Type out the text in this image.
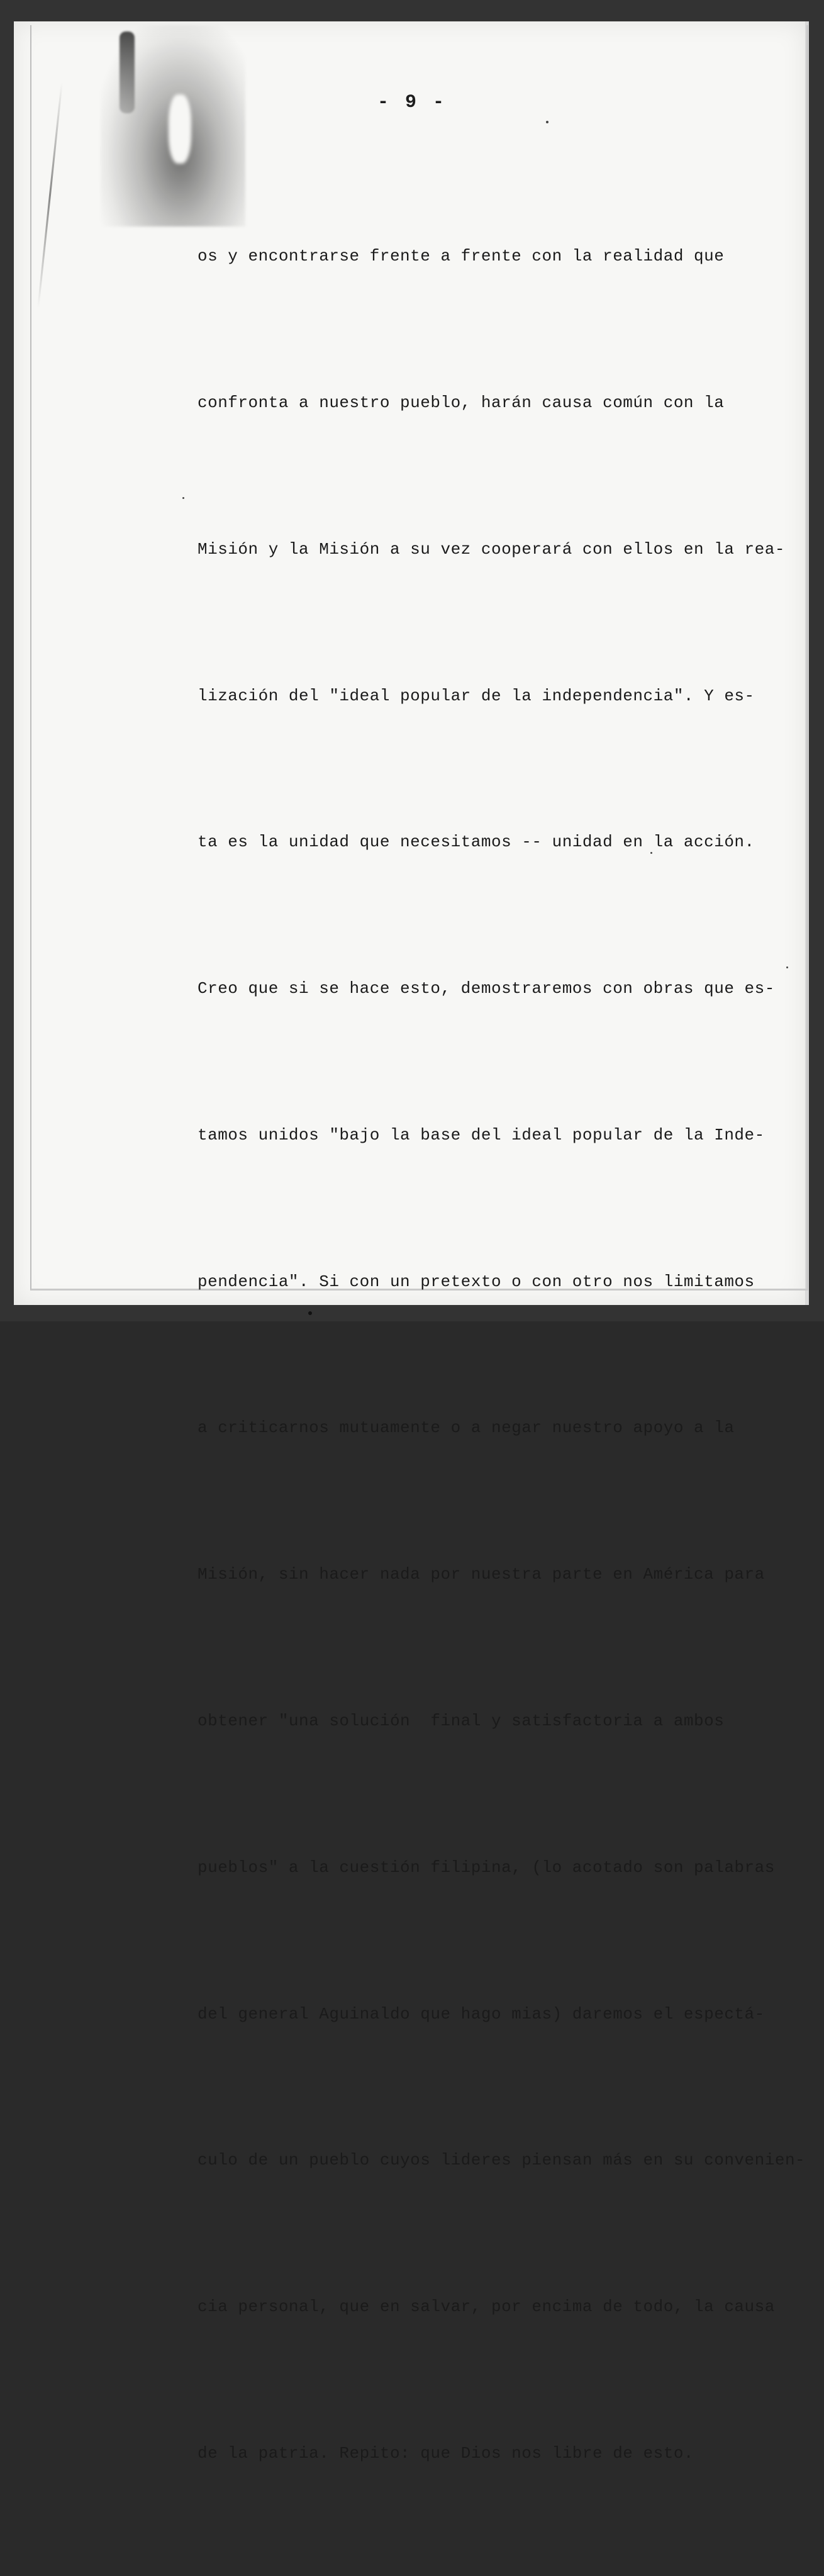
- 9 -

os y encontrarse frente a frente con la realidad que

confronta a nuestro pueblo, harán causa común con la

Misión y la Misión a su vez cooperará con ellos en la rea-

lización del "ideal popular de la independencia". Y es-

ta es la unidad que necesitamos -- unidad en la acción.

Creo que si se hace esto, demostraremos con obras que es-

tamos unidos "bajo la base del ideal popular de la Inde-

pendencia". Si con un pretexto o con otro nos limitamos

a criticarnos mutuamente o a negar nuestro apoyo a la

Misión, sin hacer nada por nuestra parte en América para

obtener "una solución  final y satisfactoria a ambos

pueblos" a la cuestión filipina, (lo acotado son palabras

del general Aguinaldo que hago mias) daremos el espectá-

culo de un pueblo cuyos lideres piensan más en su convenien-

cia personal, que en salvar, por encima de todo, la causa

de la patria. Repito: que Dios nos libre de esto.
